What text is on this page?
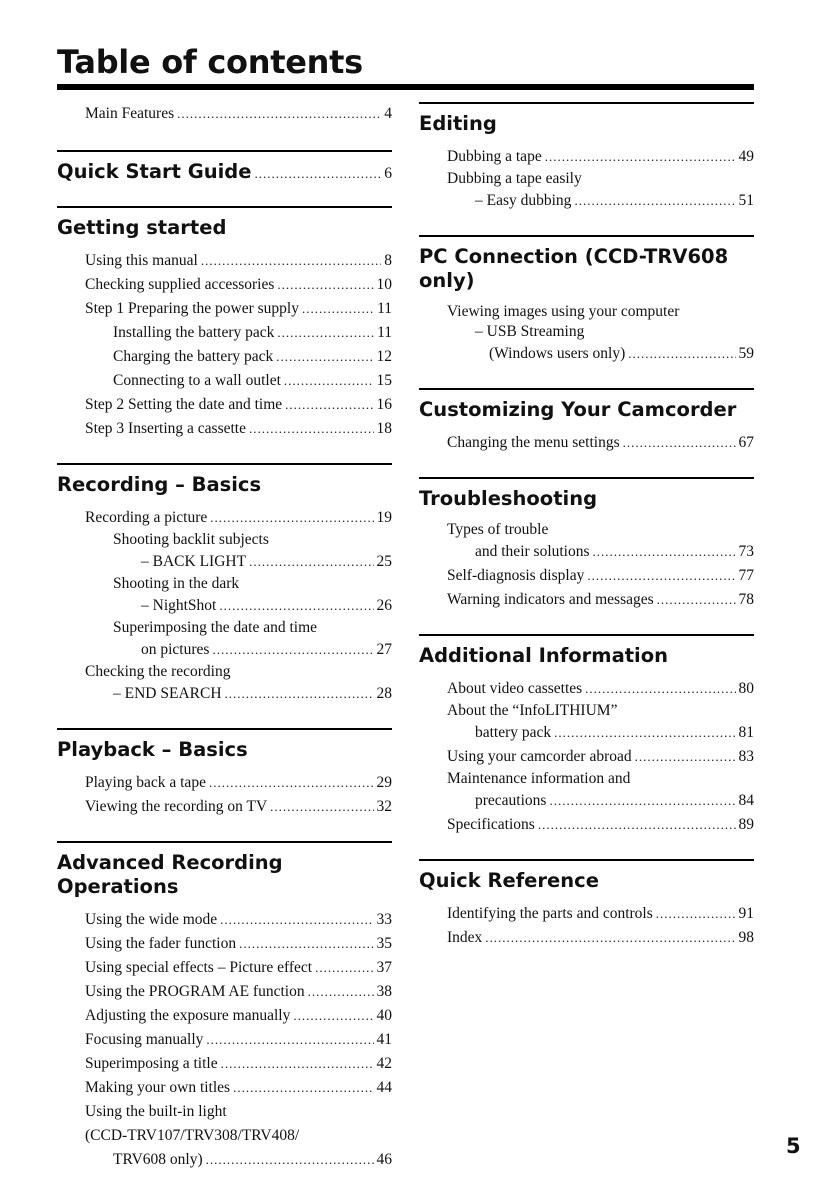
Table of contents
Main Features .....	4
Quick Start Guide .....	6
Getting started
Using this manual .....	8
Checking supplied accessories .....	10
Step 1 Preparing the power supply .....	11
Installing the battery pack .....	11
Charging the battery pack .....	12
Connecting to a wall outlet .....	15
Step 2 Setting the date and time .....	16
Step 3 Inserting a cassette .....	18
Recording – Basics
Recording a picture .....	19
Shooting backlit subjects
– BACK LIGHT .....	25
Shooting in the dark
– NightShot .....	26
Superimposing the date and time
on pictures .....	27
Checking the recording
– END SEARCH .....	28
Playback – Basics
Playing back a tape .....	29
Viewing the recording on TV .....	32
Advanced Recording
Operations
Using the wide mode .....	33
Using the fader function .....	35
Using special effects – Picture effect .....	37
Using the PROGRAM AE function .....	38
Adjusting the exposure manually .....	40
Focusing manually .....	41
Superimposing a title .....	42
Making your own titles .....	44
Using the built-in light
(CCD-TRV107/TRV308/TRV408/
TRV608 only) .....	46
Editing
Dubbing a tape .....	49
Dubbing a tape easily
– Easy dubbing .....	51
PC Connection (CCD-TRV608
only)
Viewing images using your computer
– USB Streaming
(Windows users only) .....	59
Customizing Your Camcorder
Changing the menu settings .....	67
Troubleshooting
Types of trouble
and their solutions .....	73
Self-diagnosis display .....	77
Warning indicators and messages .....	78
Additional Information
About video cassettes .....	80
About the “InfoLITHIUM”
battery pack .....	81
Using your camcorder abroad .....	83
Maintenance information and
precautions .....	84
Specifications .....	89
Quick Reference
Identifying the parts and controls .....	91
Index .....	98
5
